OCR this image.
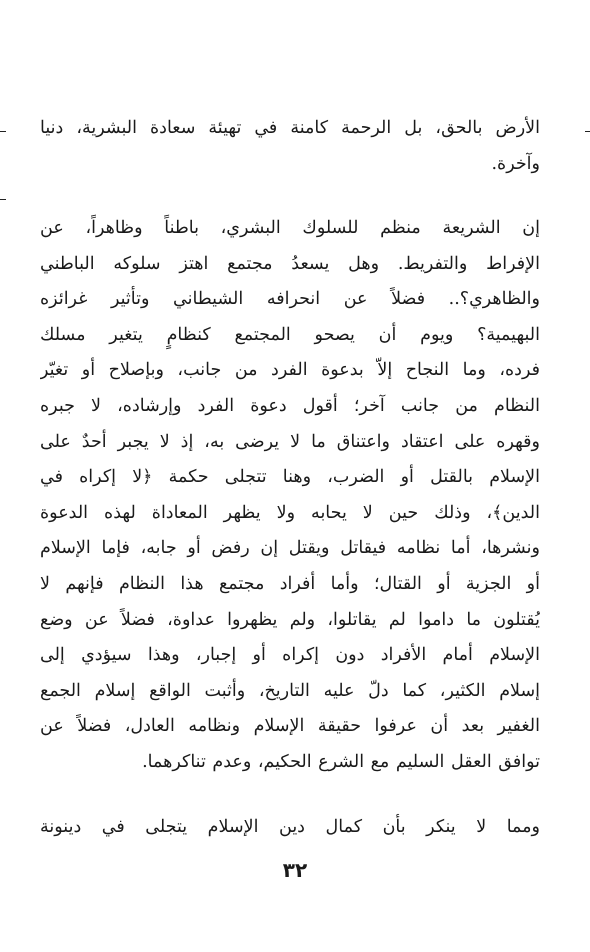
الأرض بالحق، بل الرحمة كامنة في تهيئة سعادة البشرية، دنيا
وآخرة.
إن الشريعة منظم للسلوك البشري، باطناً وظاهراً، عن
الإفراط والتفريط. وهل يسعدُ مجتمع اهتز سلوكه الباطني
والظاهري؟.. فضلاً عن انحرافه الشيطاني وتأثير غرائزه
البهيمية؟ ويوم أن يصحو المجتمع كنظامٍ يتغير مسلك
فرده، وما النجاح إلاّ بدعوة الفرد من جانب، وبإصلاح أو تغيّر
النظام من جانب آخر؛ أقول دعوة الفرد وإرشاده، لا جبره
وقهره على اعتقاد واعتناق ما لا يرضى به، إذ لا يجبر أحدٌ على
الإسلام بالقتل أو الضرب، وهنا تتجلى حكمة ﴿لا إكراه في
الدين﴾، وذلك حين لا يحابه ولا يظهر المعاداة لهذه الدعوة
ونشرها، أما نظامه فيقاتل ويقتل إن رفض أو جابه، فإما الإسلام
أو الجزية أو القتال؛ وأما أفراد مجتمع هذا النظام فإنهم لا
يُقتلون ما داموا لم يقاتلوا، ولم يظهروا عداوة، فضلاً عن وضع
الإسلام أمام الأفراد دون إكراه أو إجبار، وهذا سيؤدي إلى
إسلام الكثير، كما دلّ عليه التاريخ، وأثبت الواقع إسلام الجمع
الغفير بعد أن عرفوا حقيقة الإسلام ونظامه العادل، فضلاً عن
توافق العقل السليم مع الشرع الحكيم، وعدم تناكرهما.
ومما لا ينكر بأن كمال دين الإسلام يتجلى في دينونة
٣٢
